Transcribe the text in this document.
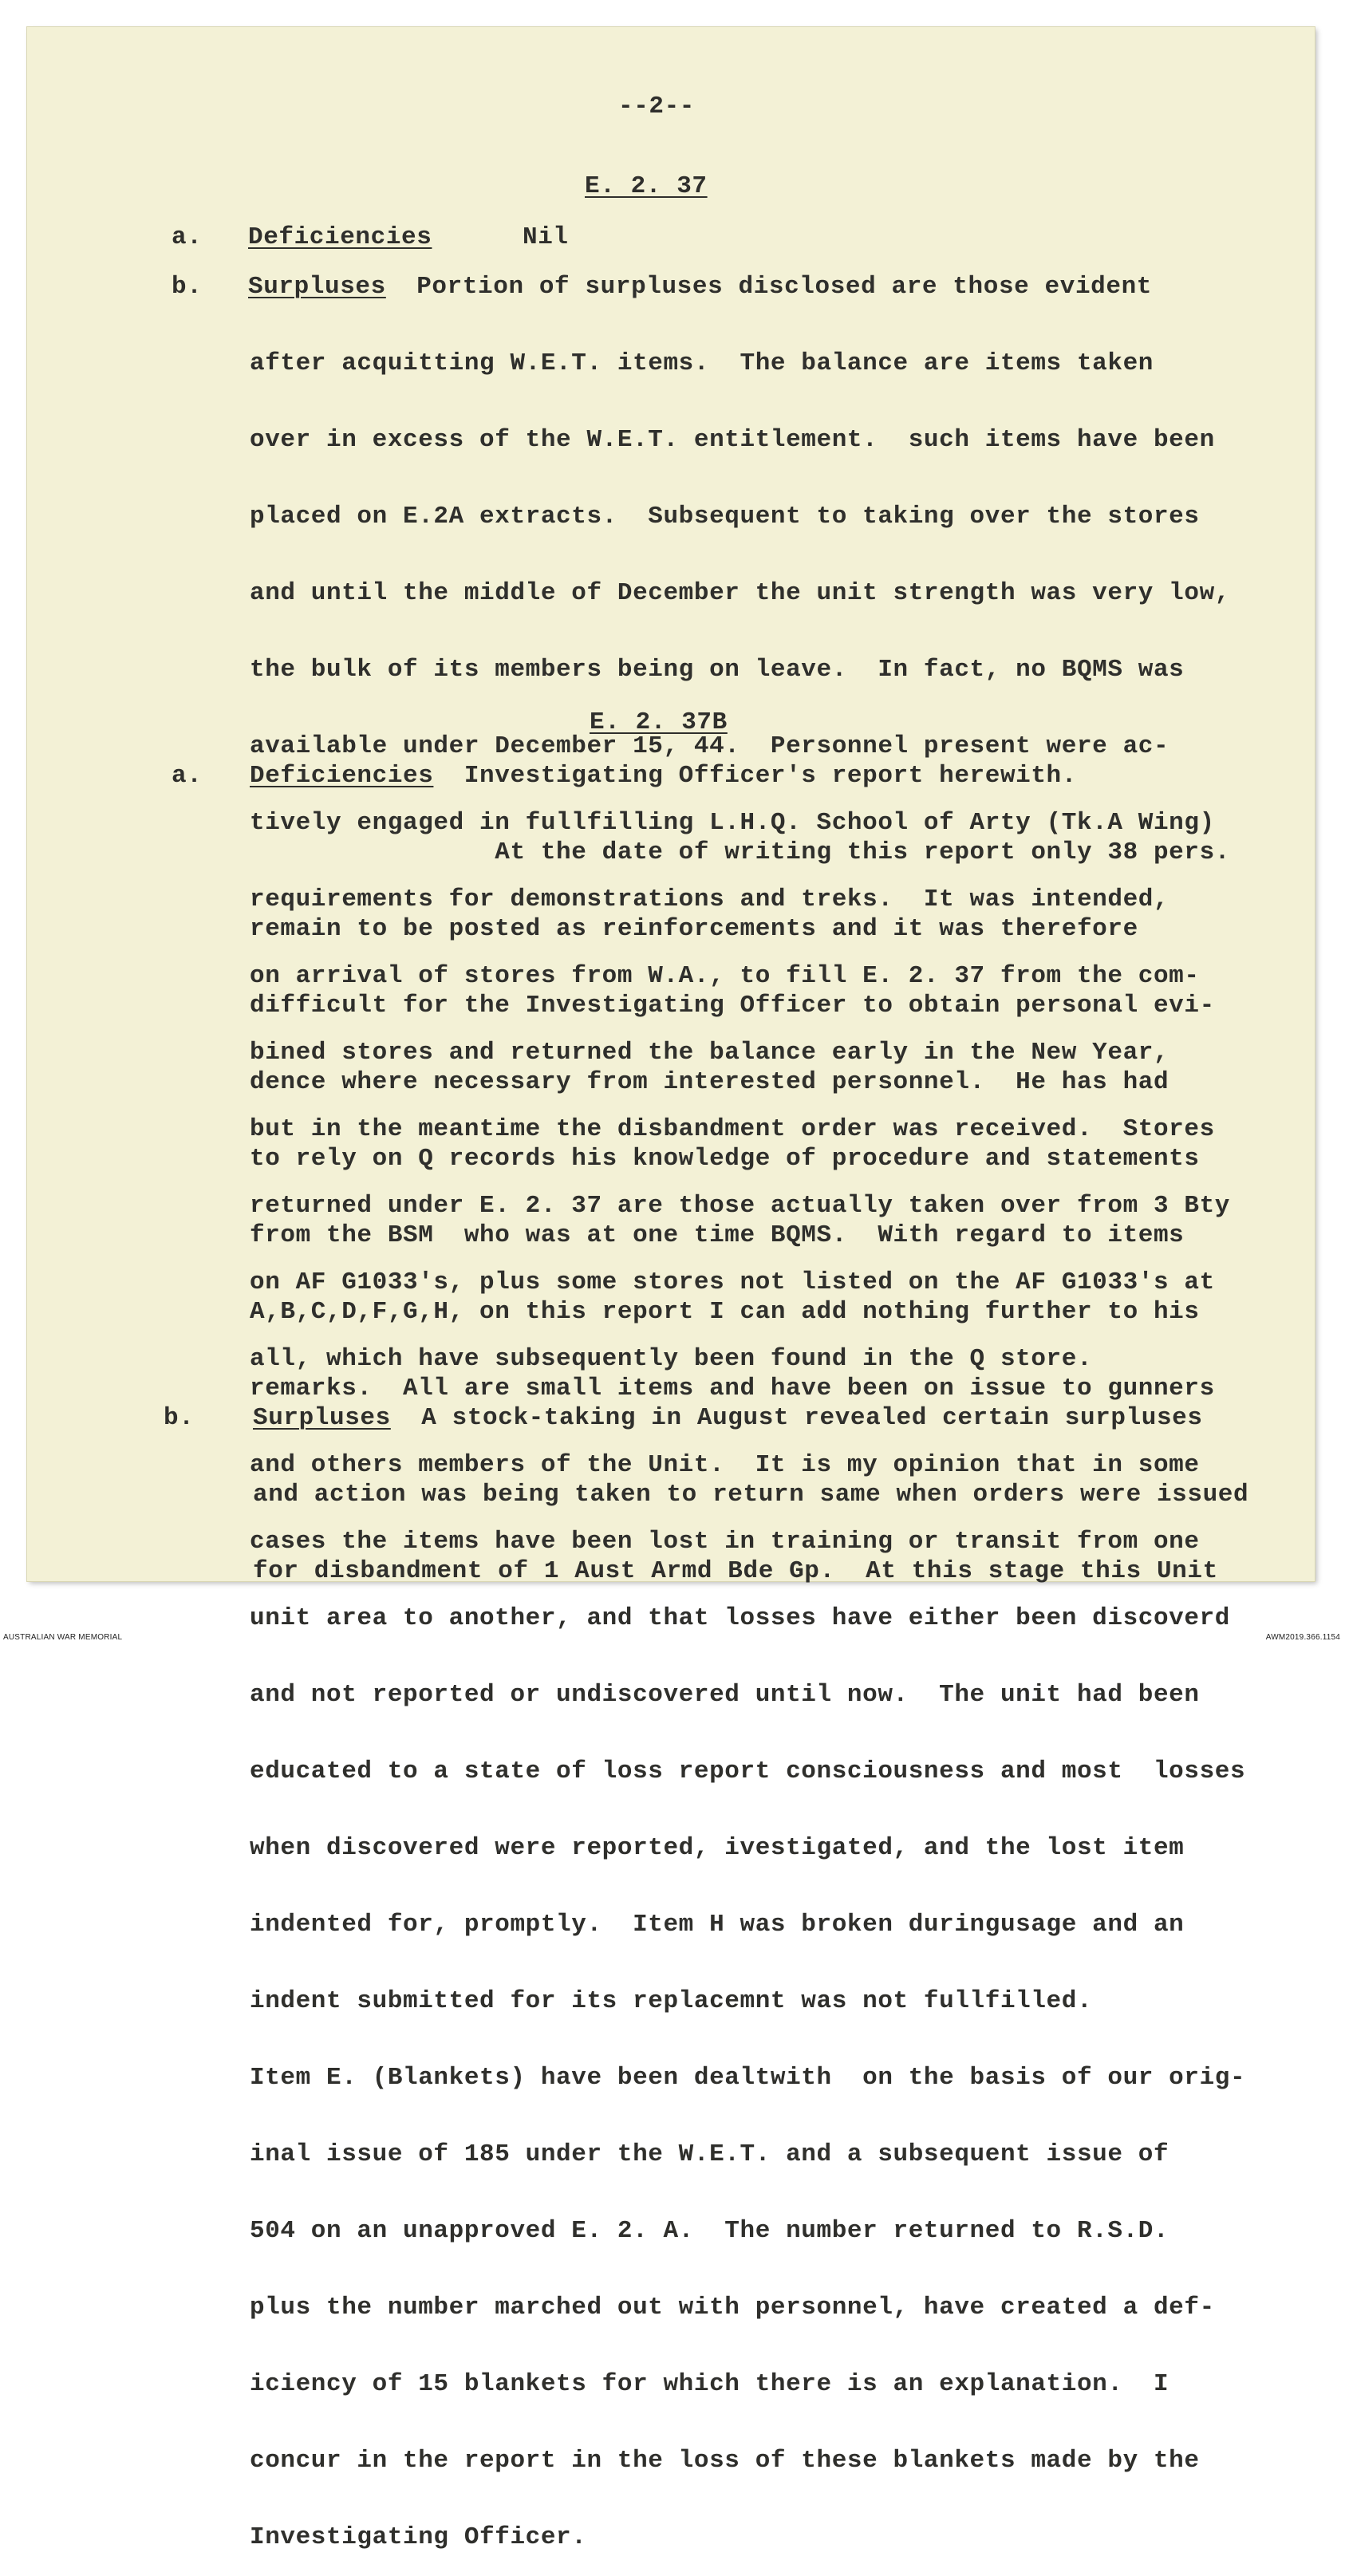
--2--
E. 2. 37
a. Deficiencies	Nil
b. Surpluses Portion of surpluses disclosed are those evident

after acquitting W.E.T. items.  The balance are items taken

over in excess of the W.E.T. entitlement.  such items have been

placed on E.2A extracts.  Subsequent to taking over the stores

and until the middle of December the unit strength was very low,

the bulk of its members being on leave.  In fact, no BQMS was

available under December 15, 44.  Personnel present were ac-

tively engaged in fullfilling L.H.Q. School of Arty (Tk.A Wing)

requirements for demonstrations and treks.  It was intended,

on arrival of stores from W.A., to fill E. 2. 37 from the com-

bined stores and returned the balance early in the New Year,

but in the meantime the disbandment order was received.  Stores

returned under E. 2. 37 are those actually taken over from 3 Bty

on AF G1033's, plus some stores not listed on the AF G1033's at

all, which have subsequently been found in the Q store.

E. 2. 37B
a. Deficiencies Investigating Officer's report herewith.

At the date of writing this report only 38 pers.

remain to be posted as reinforcements and it was therefore

difficult for the Investigating Officer to obtain personal evi-

dence where necessary from interested personnel.  He has had

to rely on Q records his knowledge of procedure and statements

from the BSM  who was at one time BQMS.  With regard to items

A,B,C,D,F,G,H, on this report I can add nothing further to his

remarks.  All are small items and have been on issue to gunners

and others members of the Unit.  It is my opinion that in some

cases the items have been lost in training or transit from one

unit area to another, and that losses have either been discoverd

and not reported or undiscovered until now.  The unit had been

educated to a state of loss report consciousness and most  losses

when discovered were reported, ivestigated, and the lost item

indented for, promptly.  Item H was broken duringusage and an

indent submitted for its replacemnt was not fullfilled.

Item E. (Blankets) have been dealtwith  on the basis of our orig-

inal issue of 185 under the W.E.T. and a subsequent issue of

504 on an unapproved E. 2. A.  The number returned to R.S.D.

plus the number marched out with personnel, have created a def-

iciency of 15 blankets for which there is an explanation.  I

concur in the report in the loss of these blankets made by the

Investigating Officer.

b. Surpluses A stock-taking in August revealed certain surpluses

and action was being taken to return same when orders were issued

for disbandment of 1 Aust Armd Bde Gp.  At this stage this Unit

AUSTRALIAN WAR MEMORIAL	AWM2019.366.1154
